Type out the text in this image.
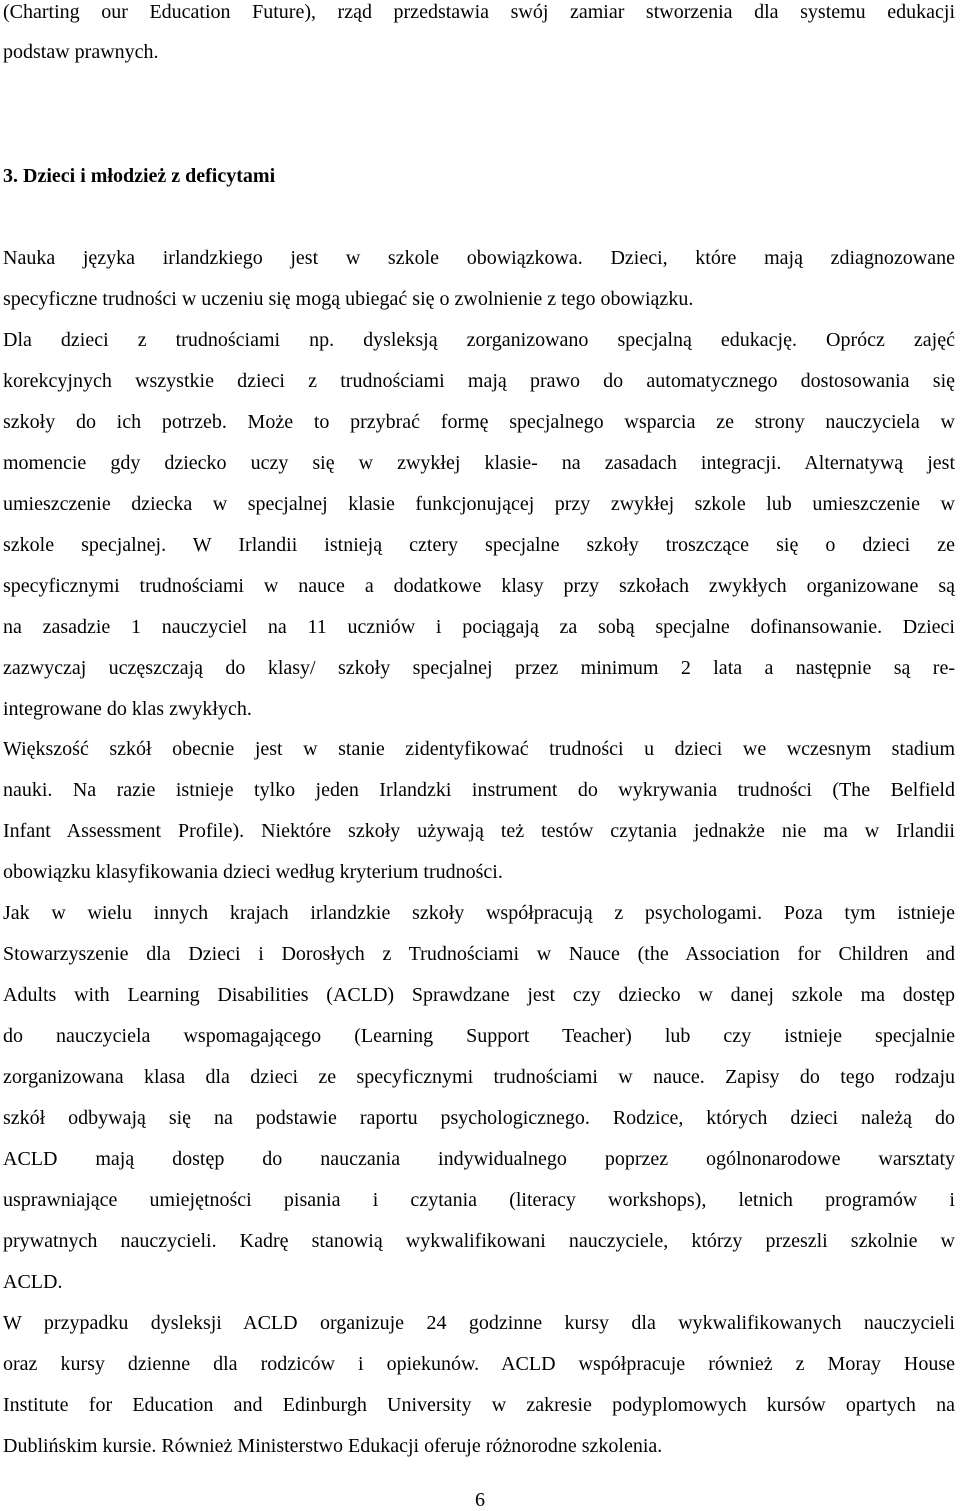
(Charting our Education Future), rząd przedstawia swój zamiar stworzenia dla systemu edukacji
podstaw prawnych.
3. Dzieci i młodzież z deficytami
Nauka języka irlandzkiego jest w szkole obowiązkowa. Dzieci, które mają zdiagnozowane
specyficzne trudności w uczeniu się mogą ubiegać się o zwolnienie z tego obowiązku.
Dla dzieci z trudnościami np. dysleksją zorganizowano specjalną edukację. Oprócz zajęć
korekcyjnych wszystkie dzieci z trudnościami mają prawo do automatycznego dostosowania się
szkoły do ich potrzeb. Może to przybrać formę specjalnego wsparcia ze strony nauczyciela w
momencie gdy dziecko uczy się w zwykłej klasie- na zasadach integracji. Alternatywą jest
umieszczenie dziecka w specjalnej klasie funkcjonującej przy zwykłej szkole lub umieszczenie w
szkole specjalnej. W Irlandii istnieją cztery specjalne szkoły troszczące się o dzieci ze
specyficznymi trudnościami w nauce a dodatkowe klasy przy szkołach zwykłych organizowane są
na zasadzie 1 nauczyciel na 11 uczniów i pociągają za sobą specjalne dofinansowanie. Dzieci
zazwyczaj uczęszczają do klasy/ szkoły specjalnej przez minimum 2 lata a następnie są re-
integrowane do klas zwykłych.
Większość szkół obecnie jest w stanie zidentyfikować trudności u dzieci we wczesnym stadium
nauki. Na razie istnieje tylko jeden Irlandzki instrument do wykrywania trudności (The Belfield
Infant Assessment Profile). Niektóre szkoły używają też testów czytania jednakże nie ma w Irlandii
obowiązku klasyfikowania dzieci według kryterium trudności.
Jak w wielu innych krajach irlandzkie szkoły współpracują z psychologami. Poza tym istnieje
Stowarzyszenie dla Dzieci i Dorosłych z Trudnościami w Nauce (the Association for Children and
Adults with Learning Disabilities (ACLD) Sprawdzane jest czy dziecko w danej szkole ma dostęp
do nauczyciela wspomagającego (Learning Support Teacher) lub czy istnieje specjalnie
zorganizowana klasa dla dzieci ze specyficznymi trudnościami w nauce. Zapisy do tego rodzaju
szkół odbywają się na podstawie raportu psychologicznego. Rodzice, których dzieci należą do
ACLD mają dostęp do nauczania indywidualnego poprzez ogólnonarodowe warsztaty
usprawniające umiejętności pisania i czytania (literacy workshops), letnich programów i
prywatnych nauczycieli. Kadrę stanowią wykwalifikowani nauczyciele, którzy przeszli szkolnie w
ACLD.
W przypadku dysleksji ACLD organizuje 24 godzinne kursy dla wykwalifikowanych nauczycieli
oraz kursy dzienne dla rodziców i opiekunów. ACLD współpracuje również z Moray House
Institute for Education and Edinburgh University w zakresie podyplomowych kursów opartych na
Dublińskim kursie. Również Ministerstwo Edukacji oferuje różnorodne szkolenia.
6
